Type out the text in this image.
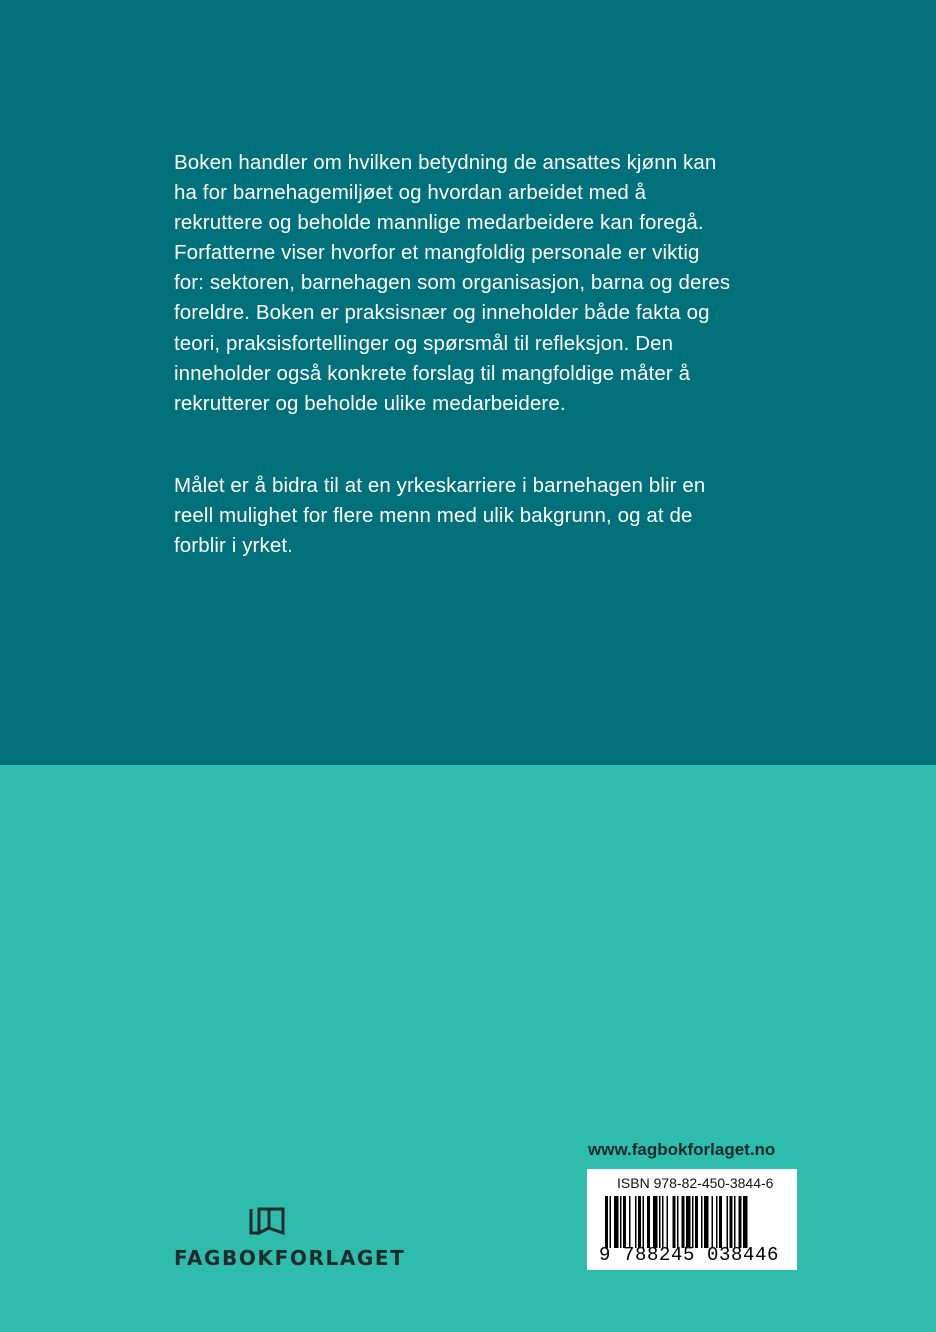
Boken handler om hvilken betydning de ansattes kjønn kan ha for barnehagemiljøet og hvordan arbeidet med å rekruttere og beholde mannlige medarbeidere kan foregå. Forfatterne viser hvorfor et mangfoldig personale er viktig for: sektoren, barnehagen som organisasjon, barna og deres foreldre. Boken er praksisnær og inneholder både fakta og teori, praksisfortellinger og spørsmål til refleksjon. Den inneholder også konkrete forslag til mangfoldige måter å rekrutterer og beholde ulike medarbeidere.

Målet er å bidra til at en yrkeskarriere i barnehagen blir en reell mulighet for flere menn med ulik bakgrunn, og at de forblir i yrket.

FAGBOKFORLAGET
www.fagbokforlaget.no
ISBN 978-82-450-3844-6
9 788245 038446
